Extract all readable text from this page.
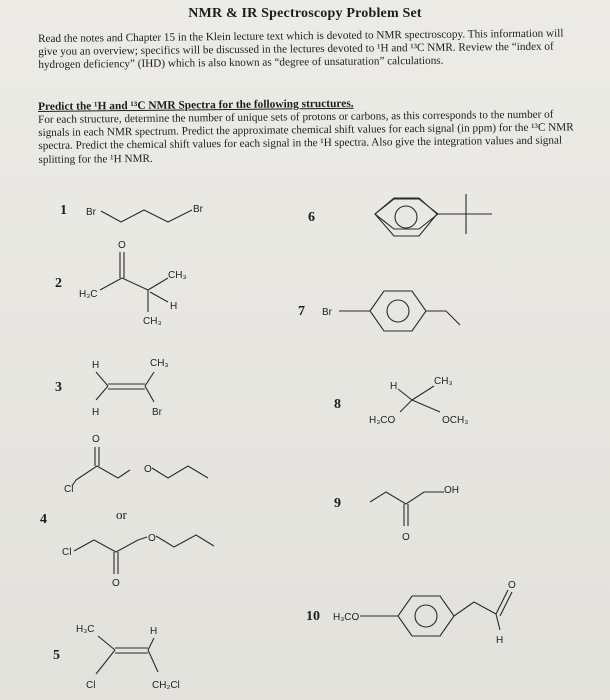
NMR & IR Spectroscopy Problem Set
Read the notes and Chapter 15 in the Klein lecture text which is devoted to NMR spectroscopy. This information will give you an overview; specifics will be discussed in the lectures devoted to ¹H and ¹³C NMR. Review the “index of hydrogen deficiency” (IHD) which is also known as “degree of unsaturation” calculations.
Predict the ¹H and ¹³C NMR Spectra for the following structures.
For each structure, determine the number of unique sets of protons or carbons, as this corresponds to the number of signals in each NMR spectrum. Predict the approximate chemical shift values for each signal (in ppm) for the ¹³C NMR spectra. Predict the chemical shift values for each signal in the ¹H spectra. Also give the integration values and signal splitting for the ¹H NMR.
1
2
3
4
5
6
7
8
9
10
or
Br	Br
O
H₃C
CH₃
CH₃
H
H
H
CH₃
Br
O
Cl
O
Cl
O
O
H₃C
Cl
H
CH₂Cl
Br
H	CH₃
H₃CO	OCH₃
OH
O
H₃CO
O
H
